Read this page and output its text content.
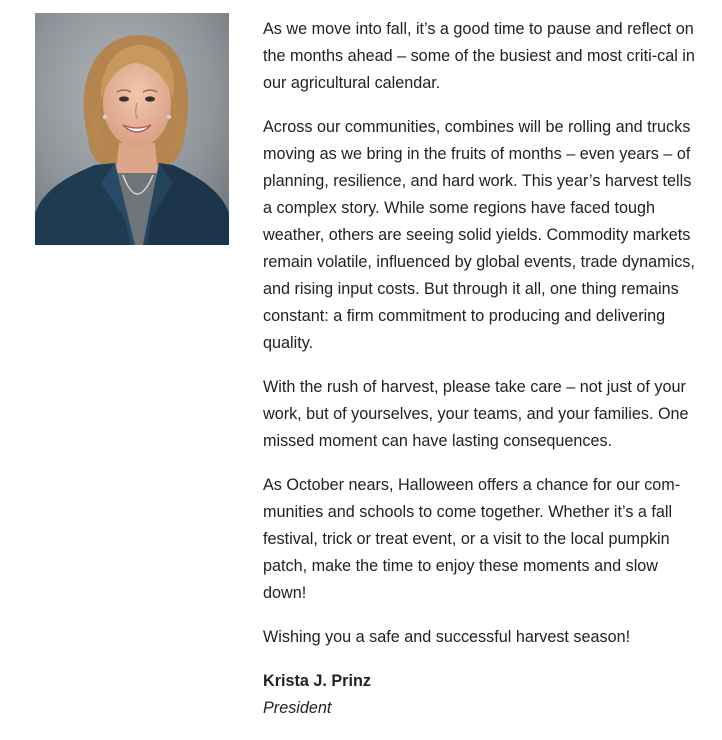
As we move into fall, it’s a good time to pause and reflect on the months ahead – some of the busiest and most criti-cal in our agricultural calendar.

Across our communities, combines will be rolling and trucks moving as we bring in the fruits of months – even years – of planning, resilience, and hard work. This year’s harvest tells a complex story. While some regions have faced tough weather, others are seeing solid yields. Commodity markets remain volatile, influenced by global events, trade dynamics, and rising input costs. But through it all, one thing remains constant: a firm commitment to producing and delivering quality.

With the rush of harvest, please take care – not just of your work, but of yourselves, your teams, and your families. One missed moment can have lasting consequences.

As October nears, Halloween offers a chance for our com-munities and schools to come together. Whether it’s a fall festival, trick or treat event, or a visit to the local pumpkin patch, make the time to enjoy these moments and slow down!

Wishing you a safe and successful harvest season!

Krista J. Prinz
President
